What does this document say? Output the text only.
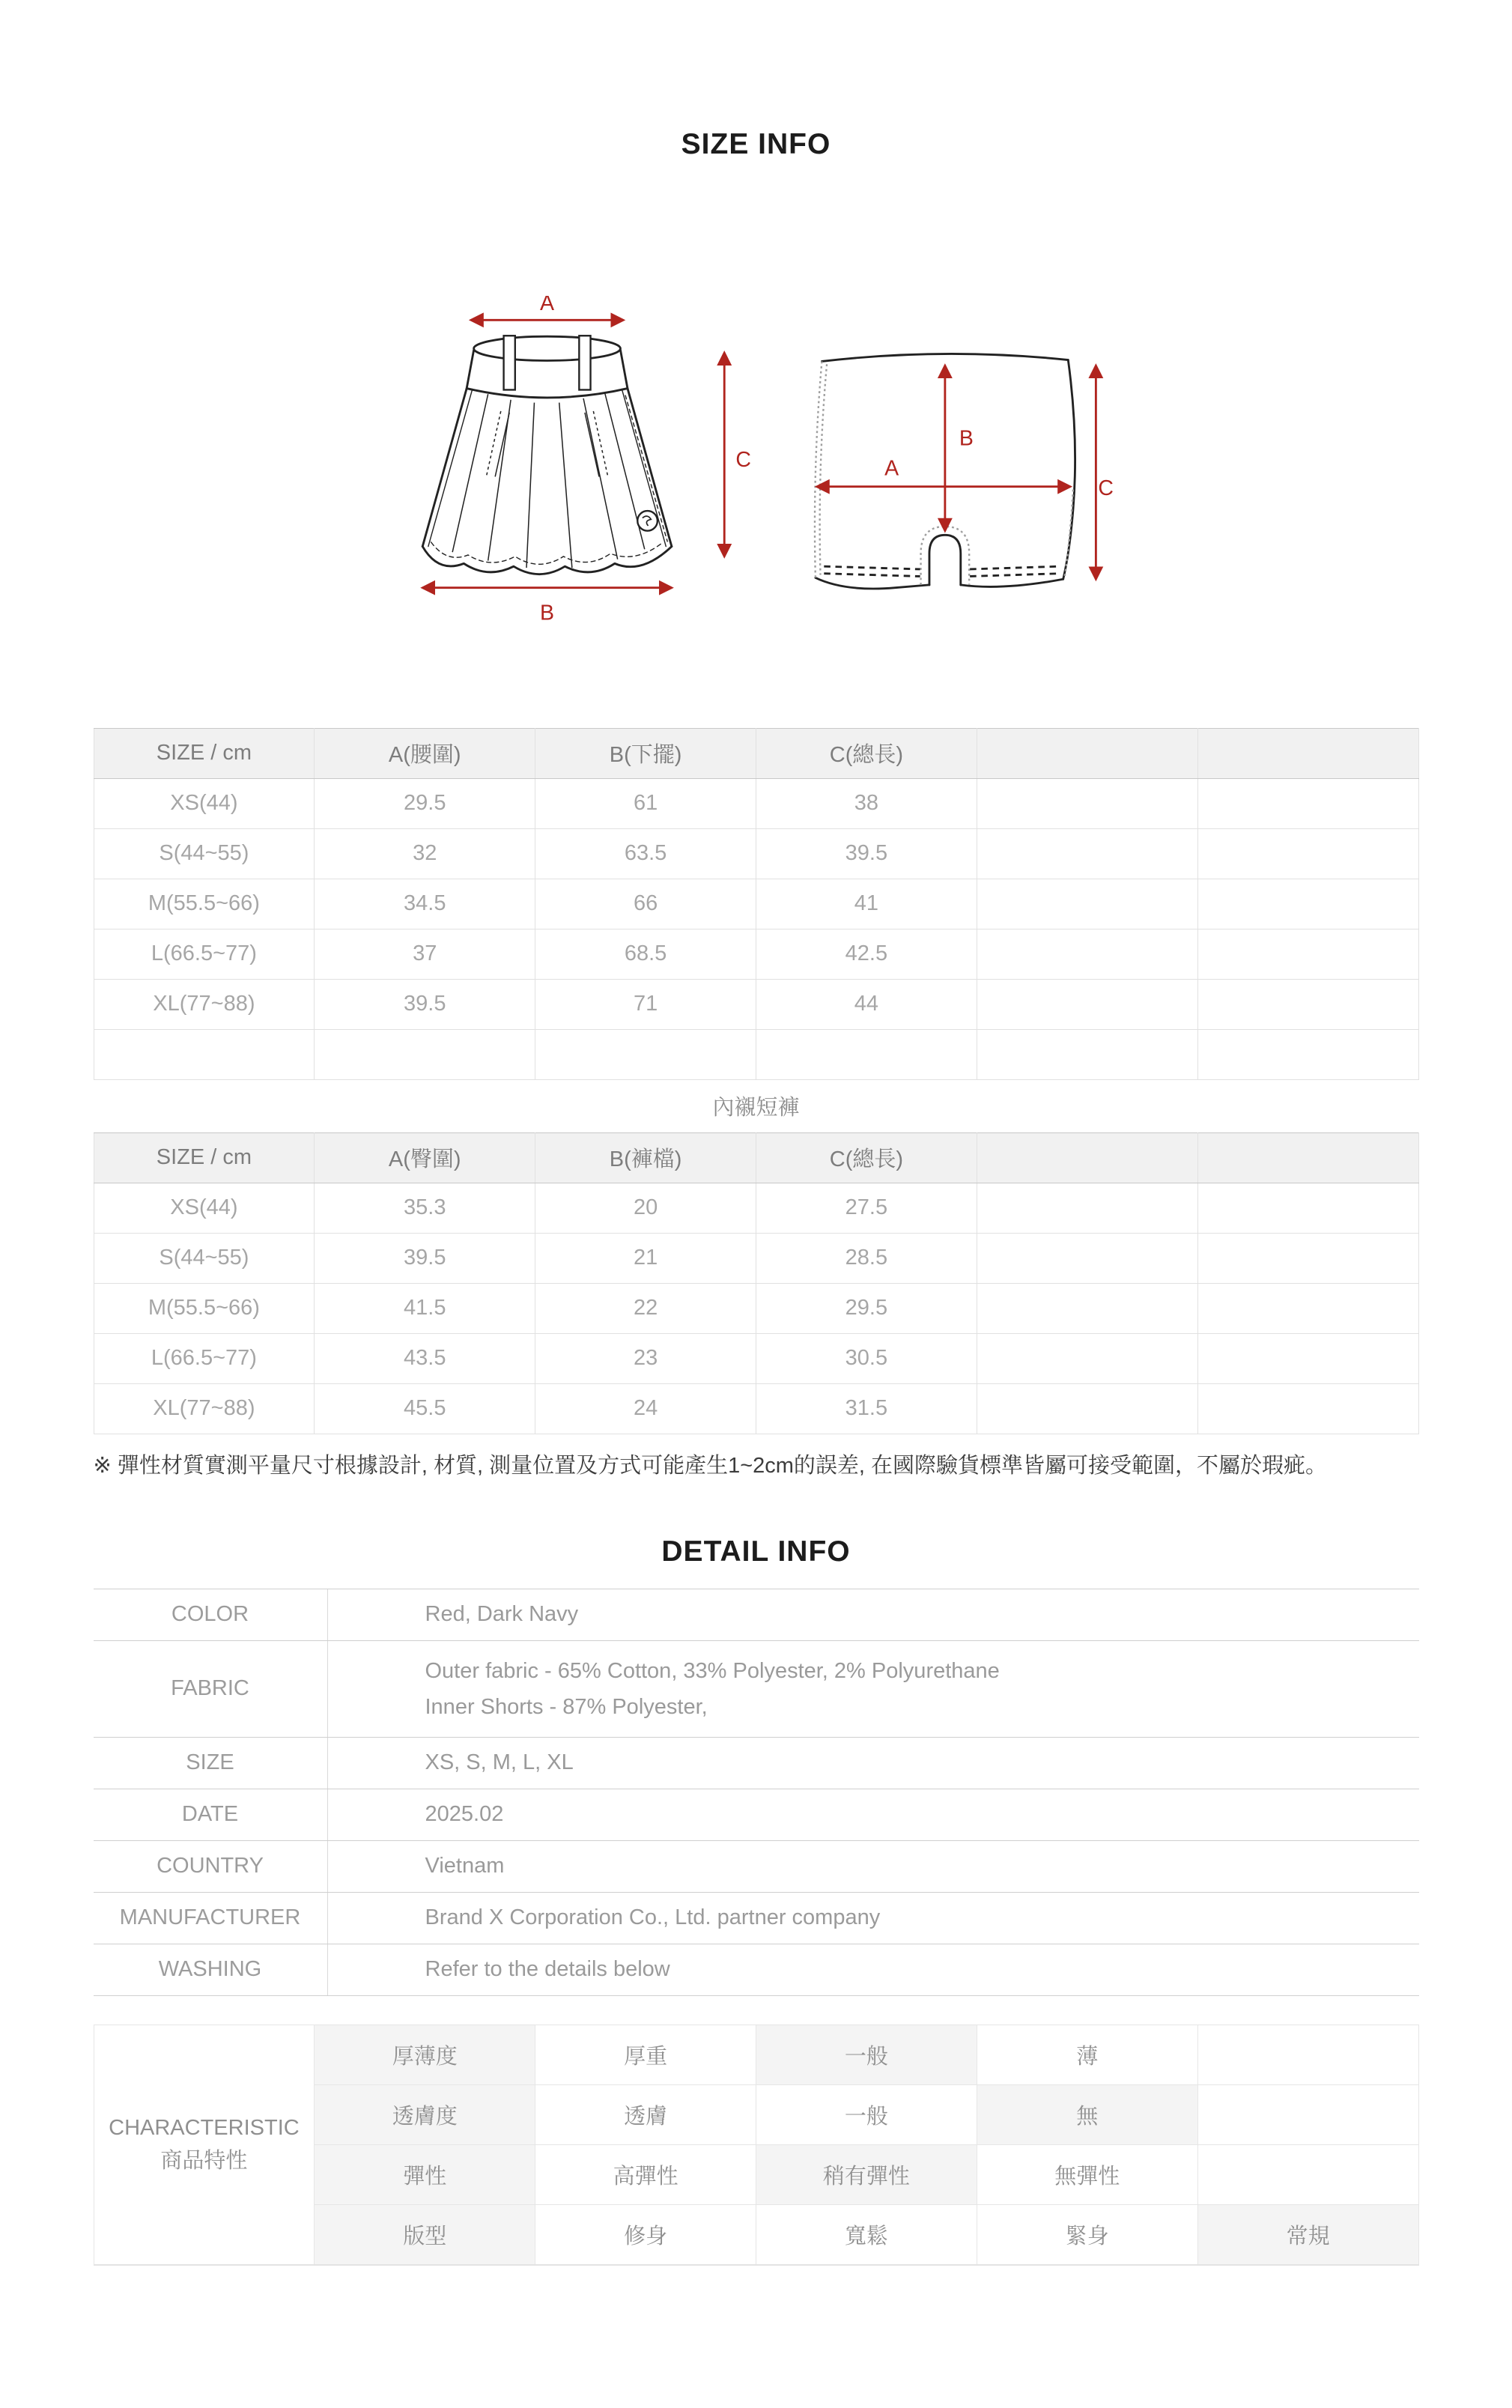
SIZE INFO
A
C
B
B
A
C
SIZE / cm	A(腰圍)	B(下擺)	C(總長)		
XS(44)	29.5	61	38		
S(44~55)	32	63.5	39.5		
M(55.5~66)	34.5	66	41		
L(66.5~77)	37	68.5	42.5		
XL(77~88)	39.5	71	44		

內襯短褲
SIZE / cm	A(臀圍)	B(褲檔)	C(總長)		
XS(44)	35.3	20	27.5		
S(44~55)	39.5	21	28.5		
M(55.5~66)	41.5	22	29.5		
L(66.5~77)	43.5	23	30.5		
XL(77~88)	45.5	24	31.5		
※ 彈性材質實測平量尺寸根據設計, 材質, 測量位置及方式可能產生1~2cm的誤差, 在國際驗貨標準皆屬可接受範圍，不屬於瑕疵。
DETAIL INFO
COLOR	Red, Dark Navy
FABRIC	Outer fabric - 65% Cotton, 33% Polyester, 2% Polyurethane
Inner Shorts - 87% Polyester,

SIZE	XS, S, M, L, XL
DATE	2025.02
COUNTRY	Vietnam
MANUFACTURER	Brand X Corporation Co., Ltd. partner company
WASHING	Refer to the details below
CHARACTERISTIC
商品特性	厚薄度	厚重	一般	薄	
	透膚度	透膚	一般	無	
	彈性	高彈性	稍有彈性	無彈性	
	版型	修身	寬鬆	緊身	常規
